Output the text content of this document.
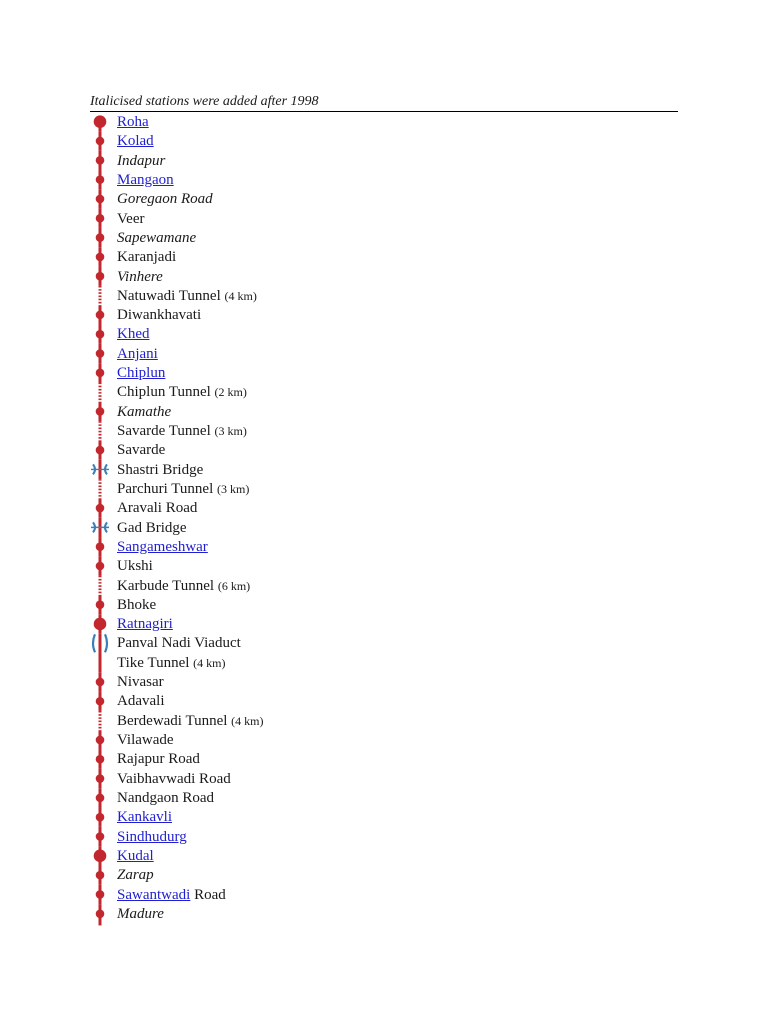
Italicised stations were added after 1998
Roha
Kolad
Indapur
Mangaon
Goregaon Road
Veer
Sapewamane
Karanjadi
Vinhere
Natuwadi Tunnel (4 km)
Diwankhavati
Khed
Anjani
Chiplun
Chiplun Tunnel (2 km)
Kamathe
Savarde Tunnel (3 km)
Savarde
Shastri Bridge
Parchuri Tunnel (3 km)
Aravali Road
Gad Bridge
Sangameshwar
Ukshi
Karbude Tunnel (6 km)
Bhoke
Ratnagiri
Panval Nadi Viaduct
Tike Tunnel (4 km)
Nivasar
Adavali
Berdewadi Tunnel (4 km)
Vilawade
Rajapur Road
Vaibhavwadi Road
Nandgaon Road
Kankavli
Sindhudurg
Kudal
Zarap
Sawantwadi Road
Madure
